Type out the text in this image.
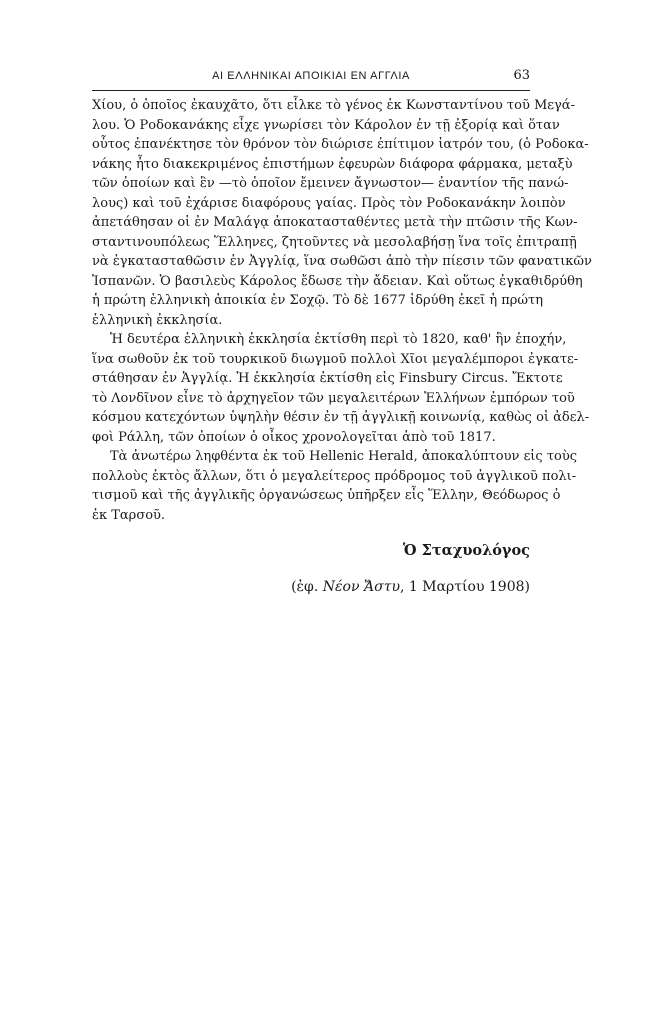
ΑΙ ΕΛΛΗΝΙΚΑΙ ΑΠΟΙΚΙΑΙ ΕΝ ΑΓΓΛΙΑ	63
Χίου, ὁ ὁποῖος ἐκαυχᾶτο, ὅτι εἷλκε τὸ γένος ἐκ Κωνσταντίνου τοῦ Μεγά-
λου. Ὁ Ροδοκανάκης εἶχε γνωρίσει τὸν Κάρολον ἐν τῇ ἐξορίᾳ καὶ ὅταν
οὗτος ἐπανέκτησε τὸν θρόνον τὸν διώρισε ἐπίτιμον ἰατρόν του, (ὁ Ροδοκα-
νάκης ἦτο διακεκριμένος ἐπιστήμων ἐφευρὼν διάφορα φάρμακα, μεταξὺ
τῶν ὁποίων καὶ ἓν —τὸ ὁποῖον ἔμεινεν ἄγνωστον— ἐναντίον τῆς πανώ-
λους) καὶ τοῦ ἐχάρισε διαφόρους γαίας. Πρὸς τὸν Ροδοκανάκην λοιπὸν
ἀπετάθησαν οἱ ἐν Μαλάγᾳ ἀποκατασταθέντες μετὰ τὴν πτῶσιν τῆς Κων-
σταντινουπόλεως Ἕλληνες, ζητοῦντες νὰ μεσολαβήσῃ ἵνα τοῖς ἐπιτραπῇ
νὰ ἐγκατασταθῶσιν ἐν Ἀγγλίᾳ, ἵνα σωθῶσι ἀπὸ τὴν πίεσιν τῶν φανατικῶν
Ἰσπανῶν. Ὁ βασιλεὺς Κάρολος ἔδωσε τὴν ἄδειαν. Καὶ οὕτως ἐγκαθιδρύθη
ἡ πρώτη ἑλληνικὴ ἀποικία ἐν Σοχῷ. Τὸ δὲ 1677 ἱδρύθη ἐκεῖ ἡ πρώτη
ἑλληνικὴ ἐκκλησία.
Ἡ δευτέρα ἑλληνικὴ ἐκκλησία ἐκτίσθη περὶ τὸ 1820, καθ' ἣν ἐποχήν,
ἵνα σωθοῦν ἐκ τοῦ τουρκικοῦ διωγμοῦ πολλοὶ Χῖοι μεγαλέμποροι ἐγκατε-
στάθησαν ἐν Ἀγγλίᾳ. Ἡ ἐκκλησία ἐκτίσθη εἰς Finsbury Circus. Ἔκτοτε
τὸ Λονδῖνον εἶνε τὸ ἀρχηγεῖον τῶν μεγαλειτέρων Ἑλλήνων ἐμπόρων τοῦ
κόσμου κατεχόντων ὑψηλὴν θέσιν ἐν τῇ ἀγγλικῇ κοινωνίᾳ, καθὼς οἱ ἀδελ-
φοὶ Ράλλη, τῶν ὁποίων ὁ οἶκος χρονολογεῖται ἀπὸ τοῦ 1817.
Τὰ ἀνωτέρω ληφθέντα ἐκ τοῦ Hellenic Herald, ἀποκαλύπτουν εἰς τοὺς
πολλοὺς ἐκτὸς ἄλλων, ὅτι ὁ μεγαλείτερος πρόδρομος τοῦ ἀγγλικοῦ πολι-
τισμοῦ καὶ τῆς ἀγγλικῆς ὀργανώσεως ὑπῆρξεν εἷς Ἕλλην, Θεόδωρος ὁ
ἐκ Ταρσοῦ.
Ὁ Σταχυολόγος
(ἐφ. Νέον Ἄστυ, 1 Μαρτίου 1908)
